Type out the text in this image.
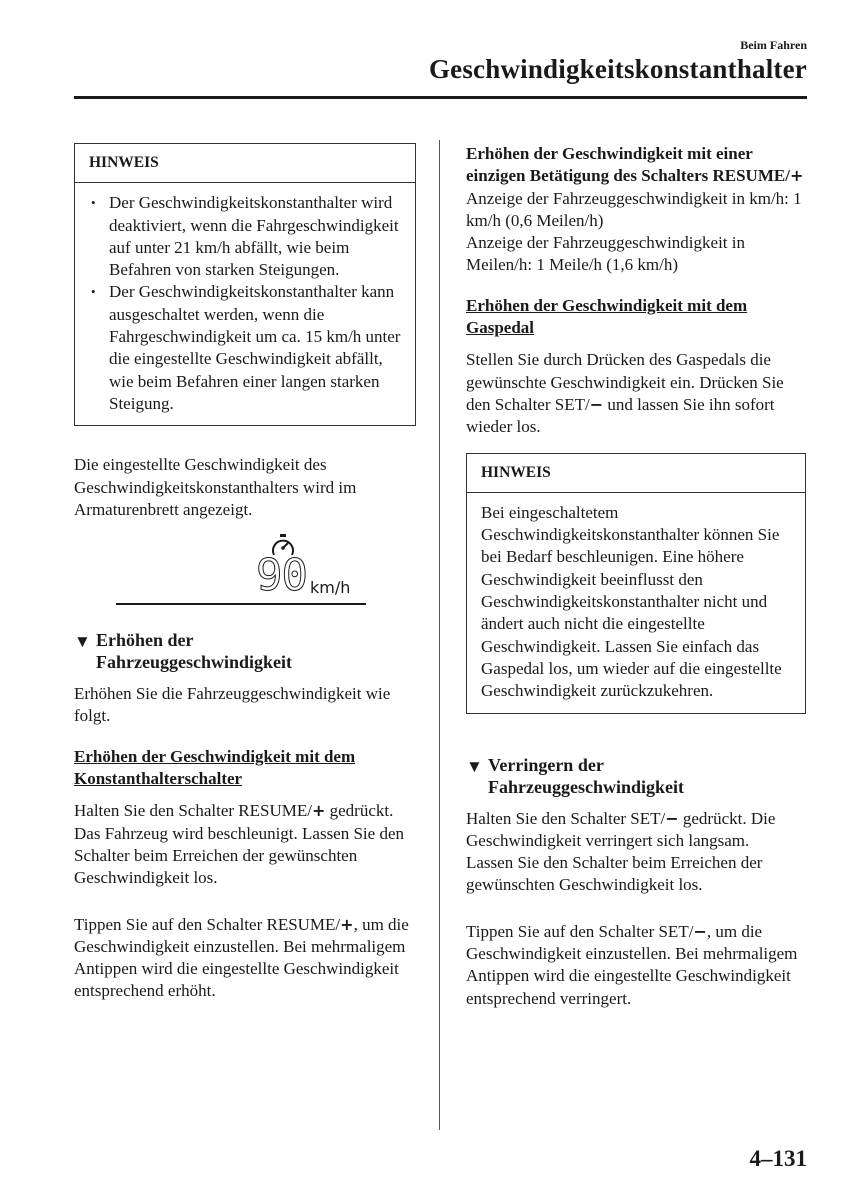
Beim Fahren
Geschwindigkeitskonstanthalter
HINWEIS
• Der Geschwindigkeitskonstanthalter wird deaktiviert, wenn die Fahrgeschwindigkeit auf unter 21 km/h abfällt, wie beim Befahren von starken Steigungen.
• Der Geschwindigkeitskonstanthalter kann ausgeschaltet werden, wenn die Fahrgeschwindigkeit um ca. 15 km/h unter die eingestellte Geschwindigkeit abfällt, wie beim Befahren einer langen starken Steigung.

Die eingestellte Geschwindigkeit des Geschwindigkeitskonstanthalters wird im Armaturenbrett angezeigt.

90 km/h
▼ Erhöhen der
Fahrzeuggeschwindigkeit

Erhöhen Sie die Fahrzeuggeschwindigkeit wie folgt.

Erhöhen der Geschwindigkeit mit dem Konstanthalterschalter

Halten Sie den Schalter RESUME/+ gedrückt. Das Fahrzeug wird beschleunigt. Lassen Sie den Schalter beim Erreichen der gewünschten Geschwindigkeit los.

Tippen Sie auf den Schalter RESUME/+, um die Geschwindigkeit einzustellen. Bei mehrmaligem Antippen wird die eingestellte Geschwindigkeit entsprechend erhöht.

Erhöhen der Geschwindigkeit mit einer einzigen Betätigung des Schalters RESUME/+

Anzeige der Fahrzeuggeschwindigkeit in km/h: 1 km/h (0,6 Meilen/h)

Anzeige der Fahrzeuggeschwindigkeit in Meilen/h: 1 Meile/h (1,6 km/h)

Erhöhen der Geschwindigkeit mit dem Gaspedal

Stellen Sie durch Drücken des Gaspedals die gewünschte Geschwindigkeit ein. Drücken Sie den Schalter SET/− und lassen Sie ihn sofort wieder los.

HINWEIS
Bei eingeschaltetem Geschwindigkeitskonstanthalter können Sie bei Bedarf beschleunigen. Eine höhere Geschwindigkeit beeinflusst den Geschwindigkeitskonstanthalter nicht und ändert auch nicht die eingestellte Geschwindigkeit. Lassen Sie einfach das Gaspedal los, um wieder auf die eingestellte Geschwindigkeit zurückzukehren.
▼ Verringern der
Fahrzeuggeschwindigkeit

Halten Sie den Schalter SET/− gedrückt. Die Geschwindigkeit verringert sich langsam.

Lassen Sie den Schalter beim Erreichen der gewünschten Geschwindigkeit los.

Tippen Sie auf den Schalter SET/−, um die Geschwindigkeit einzustellen. Bei mehrmaligem Antippen wird die eingestellte Geschwindigkeit entsprechend verringert.

4–131
